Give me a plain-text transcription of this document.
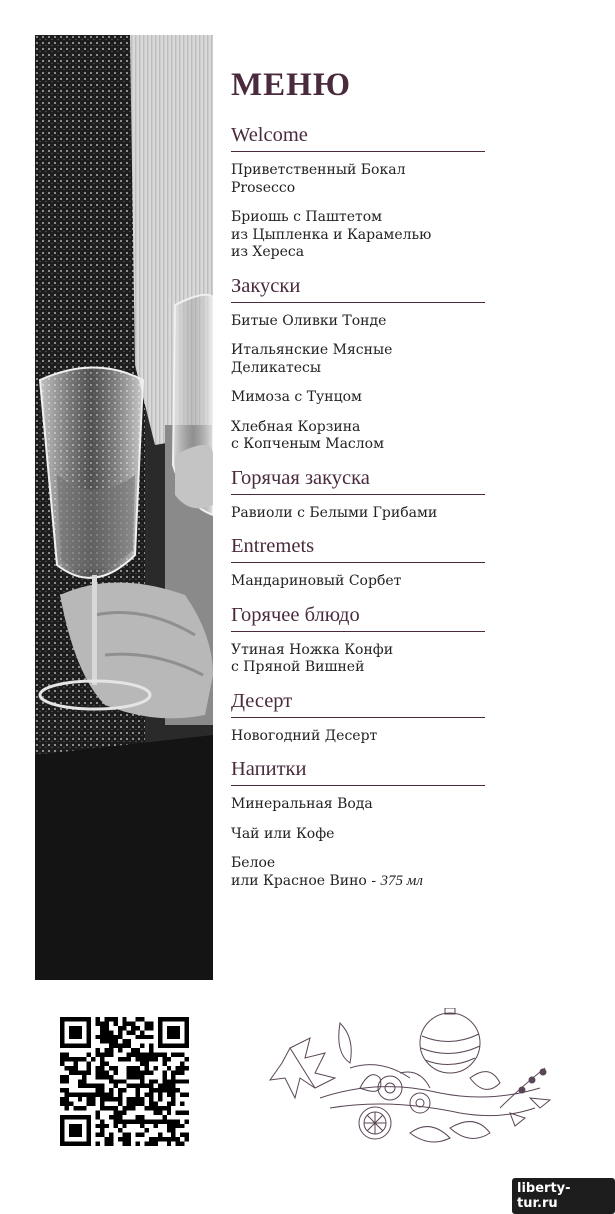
МЕНЮ
Welcome
Приветственный Бокал
Prosecco
Бриошь с Паштетом
из Цыпленка и Карамелью
из Хереса
Закуски
Битые Оливки Тонде
Итальянские Мясные
Деликатесы
Мимоза с Тунцом
Хлебная Корзина
с Копченым Маслом
Горячая закуска
Равиоли с Белыми Грибами
Entremets
Мандариновый Сорбет
Горячее блюдо
Утиная Ножка Конфи
с Пряной Вишней
Десерт
Новогодний Десерт
Напитки
Минеральная Вода
Чай или Кофе
Белое
или Красное Вино - 375 мл
liberty-tur.ru
